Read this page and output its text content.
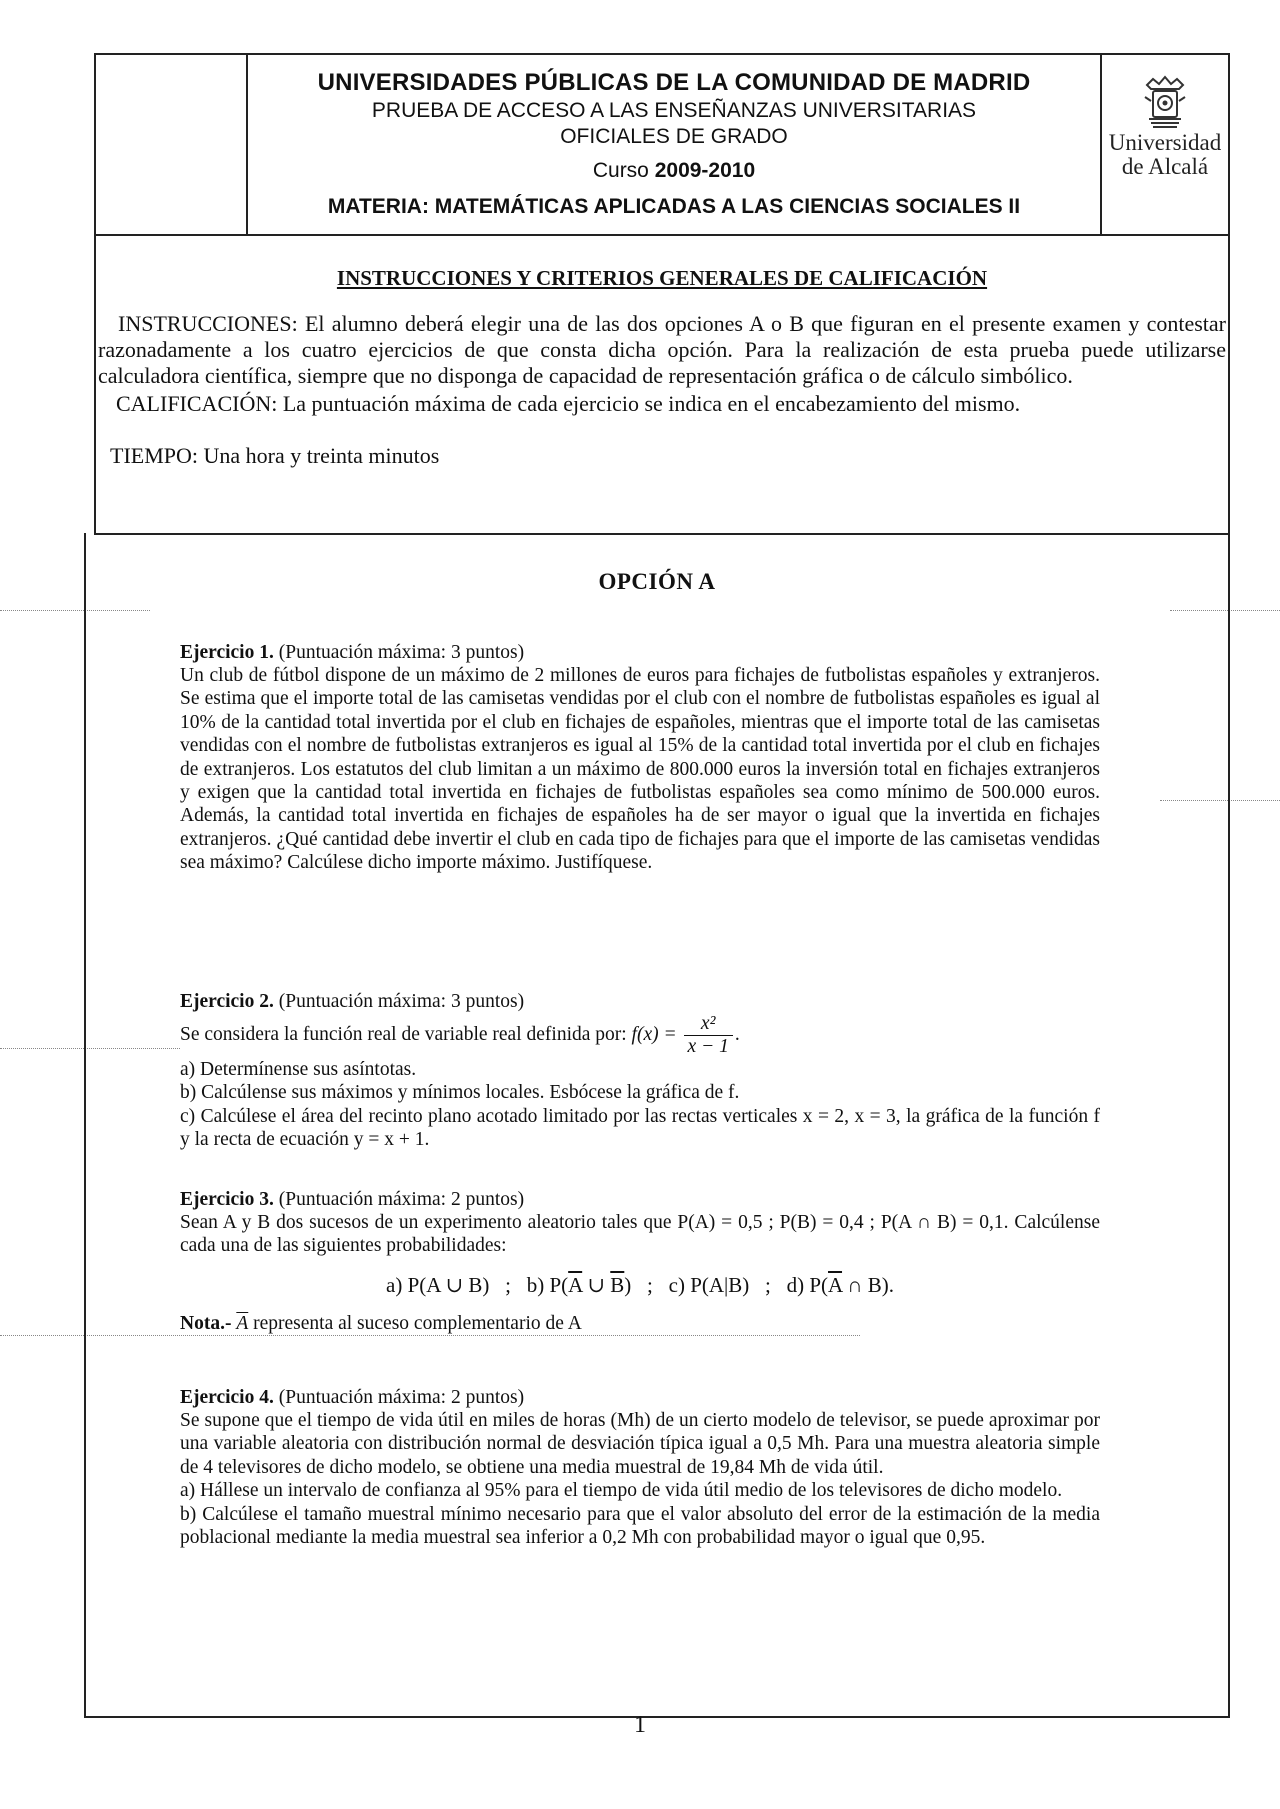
UNIVERSIDADES PÚBLICAS DE LA COMUNIDAD DE MADRID
PRUEBA DE ACCESO A LAS ENSEÑANZAS UNIVERSITARIAS
OFICIALES DE GRADO
Curso 2009-2010
MATERIA: MATEMÁTICAS APLICADAS A LAS CIENCIAS SOCIALES II
Universidad
de Alcalá
INSTRUCCIONES Y CRITERIOS GENERALES DE CALIFICACIÓN
INSTRUCCIONES: El alumno deberá elegir una de las dos opciones A o B que figuran en el presente examen y contestar razonadamente a los cuatro ejercicios de que consta dicha opción. Para la realización de esta prueba puede utilizarse calculadora científica, siempre que no disponga de capacidad de representación gráfica o de cálculo simbólico.
CALIFICACIÓN: La puntuación máxima de cada ejercicio se indica en el encabezamiento del mismo.
TIEMPO: Una hora y treinta minutos
OPCIÓN A
Ejercicio 1. (Puntuación máxima: 3 puntos)
Un club de fútbol dispone de un máximo de 2 millones de euros para fichajes de futbolistas españoles y extranjeros. Se estima que el importe total de las camisetas vendidas por el club con el nombre de futbolistas españoles es igual al 10% de la cantidad total invertida por el club en fichajes de españoles, mientras que el importe total de las camisetas vendidas con el nombre de futbolistas extranjeros es igual al 15% de la cantidad total invertida por el club en fichajes de extranjeros. Los estatutos del club limitan a un máximo de 800.000 euros la inversión total en fichajes extranjeros y exigen que la cantidad total invertida en fichajes de futbolistas españoles sea como mínimo de 500.000 euros. Además, la cantidad total invertida en fichajes de españoles ha de ser mayor o igual que la invertida en fichajes extranjeros. ¿Qué cantidad debe invertir el club en cada tipo de fichajes para que el importe de las camisetas vendidas sea máximo? Calcúlese dicho importe máximo. Justifíquese.
Ejercicio 2. (Puntuación máxima: 3 puntos)
Se considera la función real de variable real definida por: $f(x) = \frac{\text{x²}}{x - 1}$ .
a) Determínense sus asíntotas.
b) Calcúlense sus máximos y mínimos locales. Esbócese la gráfica de f.
c) Calcúlese el área del recinto plano acotado limitado por las rectas verticales x = 2, x = 3, la gráfica de la función f y la recta de ecuación y = x + 1.
Ejercicio 3. (Puntuación máxima: 2 puntos)
Sean A y B dos sucesos de un experimento aleatorio tales que P(A) = 0,5 ; P(B) = 0,4 ; P(A ∩ B) = 0,1. Calcúlense cada una de las siguientes probabilidades:
a) P(A ∪ B) ; b) $P(\overline{A}$ ∪ $\overline{B}$) ; c) P(A|B) ; d) $P(\overline{A}$ ∩ B).
Nota.- $\overline{A}$ representa al suceso complementario de A
Ejercicio 4. (Puntuación máxima: 2 puntos)
Se supone que el tiempo de vida útil en miles de horas (Mh) de un cierto modelo de televisor, se puede aproximar por una variable aleatoria con distribución normal de desviación típica igual a 0,5 Mh. Para una muestra aleatoria simple de 4 televisores de dicho modelo, se obtiene una media muestral de 19,84 Mh de vida útil.
a) Hállese un intervalo de confianza al 95% para el tiempo de vida útil medio de los televisores de dicho modelo.
b) Calcúlese el tamaño muestral mínimo necesario para que el valor absoluto del error de la estimación de la media poblacional mediante la media muestral sea inferior a 0,2 Mh con probabilidad mayor o igual que 0,95.
1
